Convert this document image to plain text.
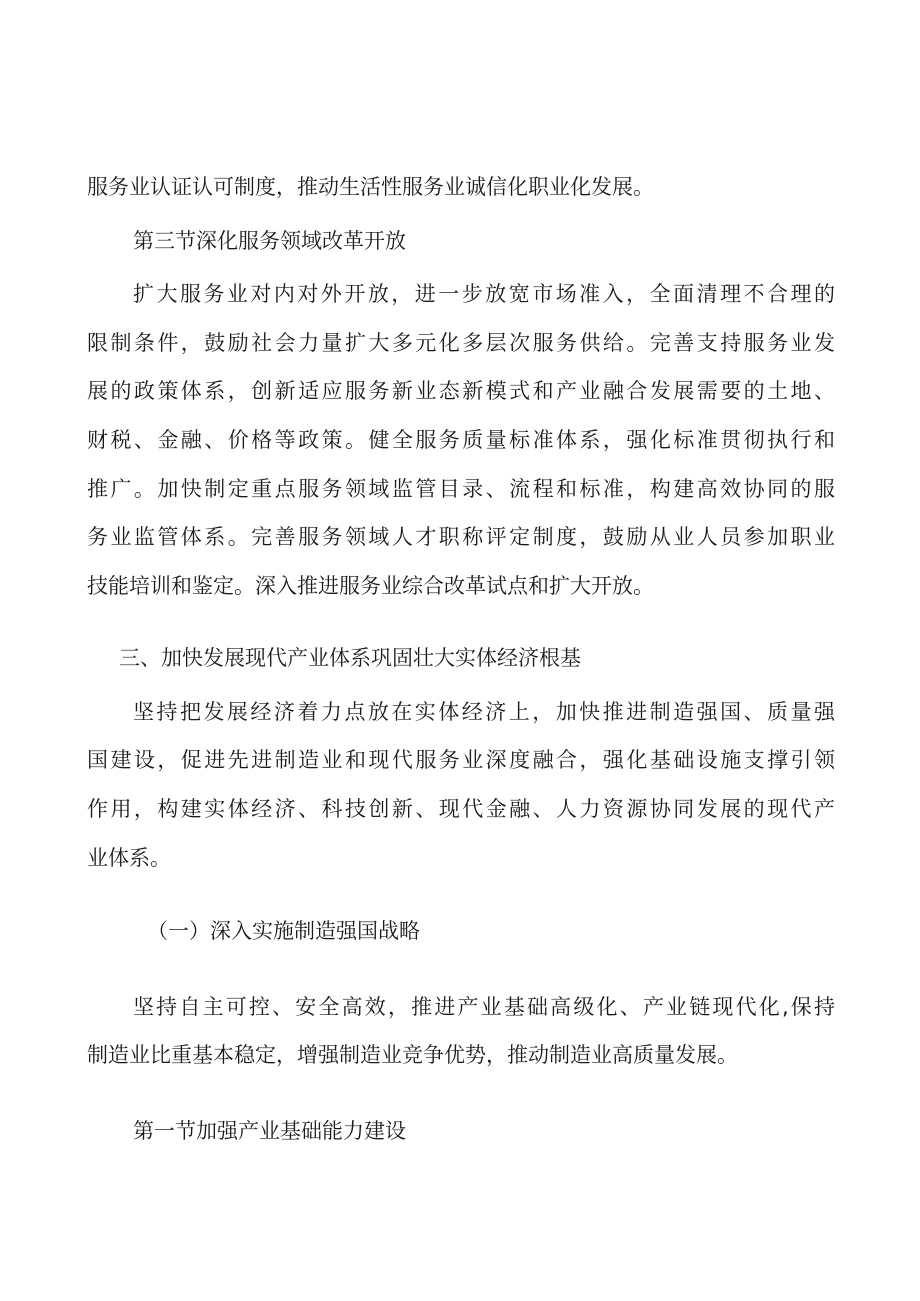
服务业认证认可制度，推动生活性服务业诚信化职业化发展。
第三节深化服务领域改革开放
扩大服务业对内对外开放，进一步放宽市场准入，全面清理不合理的
限制条件，鼓励社会力量扩大多元化多层次服务供给。完善支持服务业发
展的政策体系，创新适应服务新业态新模式和产业融合发展需要的土地、
财税、金融、价格等政策。健全服务质量标准体系，强化标准贯彻执行和
推广。加快制定重点服务领域监管目录、流程和标准，构建高效协同的服
务业监管体系。完善服务领域人才职称评定制度，鼓励从业人员参加职业
技能培训和鉴定。深入推进服务业综合改革试点和扩大开放。
三、加快发展现代产业体系巩固壮大实体经济根基
坚持把发展经济着力点放在实体经济上，加快推进制造强国、质量强
国建设，促进先进制造业和现代服务业深度融合，强化基础设施支撑引领
作用，构建实体经济、科技创新、现代金融、人力资源协同发展的现代产
业体系。
（一）深入实施制造强国战略
坚持自主可控、安全高效，推进产业基础高级化、产业链现代化,保持
制造业比重基本稳定，增强制造业竞争优势，推动制造业高质量发展。
第一节加强产业基础能力建设
